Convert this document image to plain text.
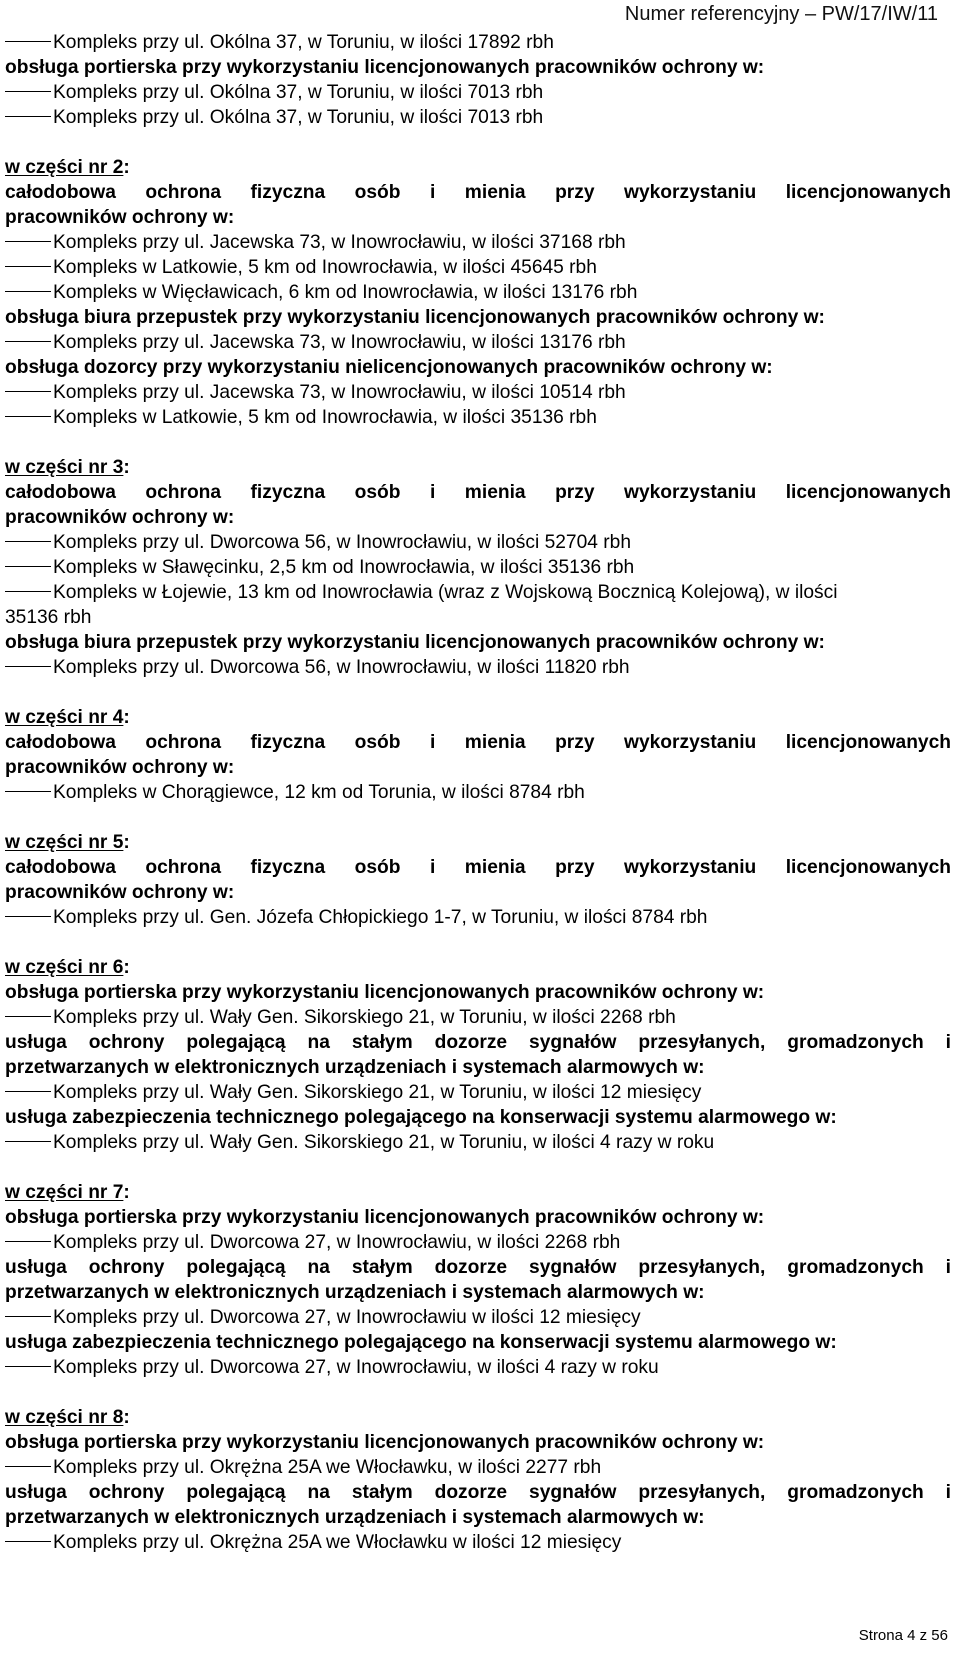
Numer referencyjny – PW/17/IW/11
Kompleks przy ul. Okólna 37, w Toruniu, w ilości 17892 rbh
obsługa portierska przy wykorzystaniu licencjonowanych pracowników ochrony w:
Kompleks przy ul. Okólna 37, w Toruniu, w ilości 7013 rbh
Kompleks przy ul. Okólna 37, w Toruniu, w ilości 7013 rbh
w części nr 2:
całodobowa ochrona fizyczna osób i mienia przy wykorzystaniu licencjonowanych
pracowników ochrony w:
Kompleks przy ul. Jacewska 73, w Inowrocławiu, w ilości 37168 rbh
Kompleks w Latkowie, 5 km od Inowrocławia, w ilości 45645 rbh
Kompleks w Więcławicach, 6 km od Inowrocławia, w ilości 13176 rbh
obsługa biura przepustek przy wykorzystaniu licencjonowanych pracowników ochrony w:
Kompleks przy ul. Jacewska 73, w Inowrocławiu, w ilości 13176 rbh
obsługa dozorcy przy wykorzystaniu nielicencjonowanych pracowników ochrony w:
Kompleks przy ul. Jacewska 73, w Inowrocławiu, w ilości 10514 rbh
Kompleks w Latkowie, 5 km od Inowrocławia, w ilości 35136 rbh
w części nr 3:
całodobowa ochrona fizyczna osób i mienia przy wykorzystaniu licencjonowanych
pracowników ochrony w:
Kompleks przy ul. Dworcowa 56, w Inowrocławiu, w ilości 52704 rbh
Kompleks w Sławęcinku, 2,5 km od Inowrocławia, w ilości 35136 rbh
Kompleks w Łojewie, 13 km od Inowrocławia (wraz z Wojskową Bocznicą Kolejową), w ilości
35136 rbh
obsługa biura przepustek przy wykorzystaniu licencjonowanych pracowników ochrony w:
Kompleks przy ul. Dworcowa 56, w Inowrocławiu, w ilości 11820 rbh
w części nr 4:
całodobowa ochrona fizyczna osób i mienia przy wykorzystaniu licencjonowanych
pracowników ochrony w:
Kompleks w Chorągiewce, 12 km od Torunia, w ilości 8784 rbh
w części nr 5:
całodobowa ochrona fizyczna osób i mienia przy wykorzystaniu licencjonowanych
pracowników ochrony w:
Kompleks przy ul. Gen. Józefa Chłopickiego 1-7, w Toruniu, w ilości 8784 rbh
w części nr 6:
obsługa portierska przy wykorzystaniu licencjonowanych pracowników ochrony w:
Kompleks przy ul. Wały Gen. Sikorskiego 21, w Toruniu, w ilości 2268 rbh
usługa ochrony polegającą na stałym dozorze sygnałów przesyłanych, gromadzonych i
przetwarzanych w elektronicznych urządzeniach i systemach alarmowych w:
Kompleks przy ul. Wały Gen. Sikorskiego 21, w Toruniu, w ilości 12 miesięcy
usługa zabezpieczenia technicznego polegającego na konserwacji systemu alarmowego w:
Kompleks przy ul. Wały Gen. Sikorskiego 21, w Toruniu, w ilości 4 razy w roku
w części nr 7:
obsługa portierska przy wykorzystaniu licencjonowanych pracowników ochrony w:
Kompleks przy ul. Dworcowa 27, w Inowrocławiu, w ilości 2268 rbh
usługa ochrony polegającą na stałym dozorze sygnałów przesyłanych, gromadzonych i
przetwarzanych w elektronicznych urządzeniach i systemach alarmowych w:
Kompleks przy ul. Dworcowa 27, w Inowrocławiu w ilości 12 miesięcy
usługa zabezpieczenia technicznego polegającego na konserwacji systemu alarmowego w:
Kompleks przy ul. Dworcowa 27, w Inowrocławiu, w ilości 4 razy w roku
w części nr 8:
obsługa portierska przy wykorzystaniu licencjonowanych pracowników ochrony w:
Kompleks przy ul. Okrężna 25A we Włocławku, w ilości 2277 rbh
usługa ochrony polegającą na stałym dozorze sygnałów przesyłanych, gromadzonych i
przetwarzanych w elektronicznych urządzeniach i systemach alarmowych w:
Kompleks przy ul. Okrężna 25A we Włocławku w ilości 12 miesięcy
Strona 4 z 56
